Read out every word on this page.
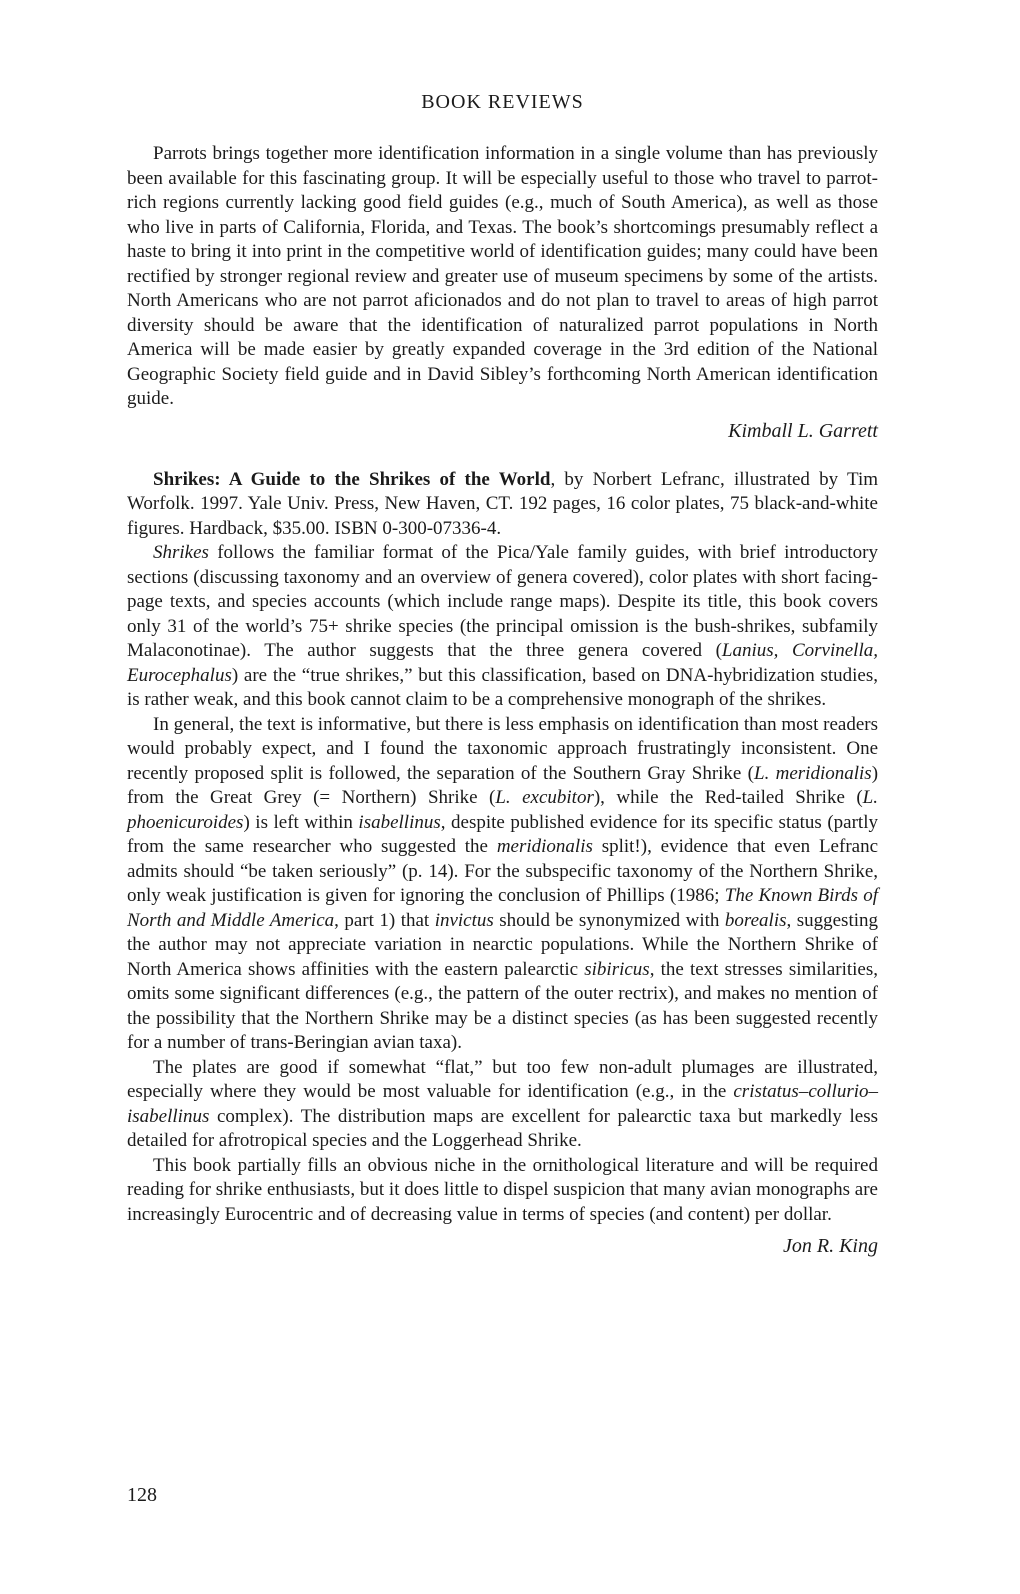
BOOK REVIEWS

Parrots brings together more identification information in a single volume than has previously been available for this fascinating group. It will be especially useful to those who travel to parrot-rich regions currently lacking good field guides (e.g., much of South America), as well as those who live in parts of California, Florida, and Texas. The book’s shortcomings presumably reflect a haste to bring it into print in the competitive world of identification guides; many could have been rectified by stronger regional review and greater use of museum specimens by some of the artists. North Americans who are not parrot aficionados and do not plan to travel to areas of high parrot diversity should be aware that the identification of naturalized parrot populations in North America will be made easier by greatly expanded coverage in the 3rd edition of the National Geographic Society field guide and in David Sibley’s forthcoming North American identification guide.

Kimball L. Garrett

Shrikes: A Guide to the Shrikes of the World, by Norbert Lefranc, illustrated by Tim Worfolk. 1997. Yale Univ. Press, New Haven, CT. 192 pages, 16 color plates, 75 black-and-white figures. Hardback, $35.00. ISBN 0-300-07336-4.

Shrikes follows the familiar format of the Pica/Yale family guides, with brief introductory sections (discussing taxonomy and an overview of genera covered), color plates with short facing-page texts, and species accounts (which include range maps). Despite its title, this book covers only 31 of the world’s 75+ shrike species (the principal omission is the bush-shrikes, subfamily Malaconotinae). The author suggests that the three genera covered (Lanius, Corvinella, Eurocephalus) are the “true shrikes,” but this classification, based on DNA-hybridization studies, is rather weak, and this book cannot claim to be a comprehensive monograph of the shrikes.

In general, the text is informative, but there is less emphasis on identification than most readers would probably expect, and I found the taxonomic approach frustratingly inconsistent. One recently proposed split is followed, the separation of the Southern Gray Shrike (L. meridionalis) from the Great Grey (= Northern) Shrike (L. excubitor), while the Red-tailed Shrike (L. phoenicuroides) is left within isabellinus, despite published evidence for its specific status (partly from the same researcher who suggested the meridionalis split!), evidence that even Lefranc admits should “be taken seriously” (p. 14). For the subspecific taxonomy of the Northern Shrike, only weak justification is given for ignoring the conclusion of Phillips (1986; The Known Birds of North and Middle America, part 1) that invictus should be synonymized with borealis, suggesting the author may not appreciate variation in nearctic populations. While the Northern Shrike of North America shows affinities with the eastern palearctic sibiricus, the text stresses similarities, omits some significant differences (e.g., the pattern of the outer rectrix), and makes no mention of the possibility that the Northern Shrike may be a distinct species (as has been suggested recently for a number of trans-Beringian avian taxa).

The plates are good if somewhat “flat,” but too few non-adult plumages are illustrated, especially where they would be most valuable for identification (e.g., in the cristatus–collurio–isabellinus complex). The distribution maps are excellent for palearctic taxa but markedly less detailed for afrotropical species and the Loggerhead Shrike.

This book partially fills an obvious niche in the ornithological literature and will be required reading for shrike enthusiasts, but it does little to dispel suspicion that many avian monographs are increasingly Eurocentric and of decreasing value in terms of species (and content) per dollar.

Jon R. King
128
